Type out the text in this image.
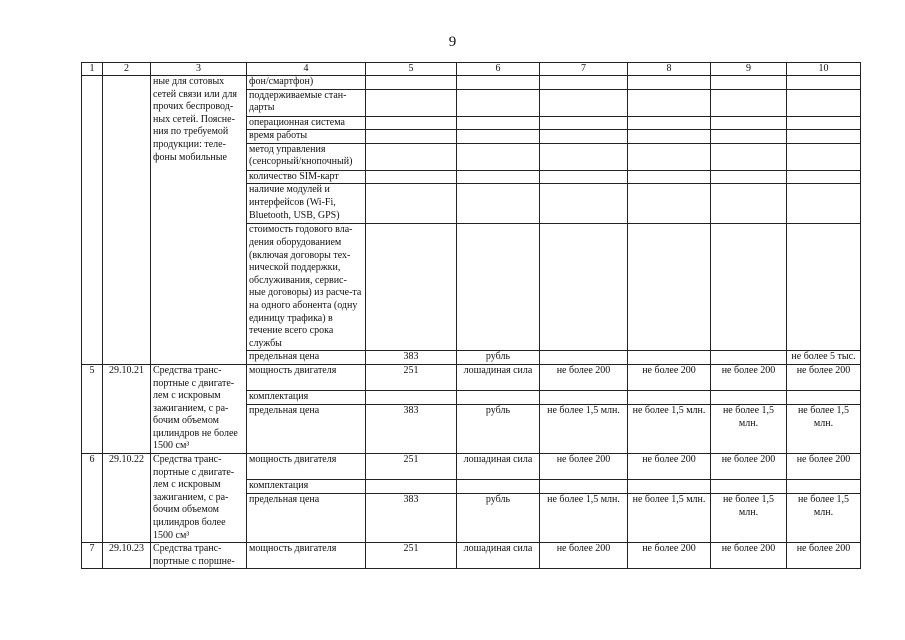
9
1	2	3	4	5	6	7	8	9	10
		ные для сотовых сетей связи или для прочих беспровод-ных сетей. Поясне-ния по требуемой продукции: теле-фоны мобильные	фон/смартфон)						
			поддерживаемые стан-дарты						
			операционная система						
			время работы						
			метод управления (сенсорный/кнопочный)						
			количество SIM-карт						
			наличие модулей и интерфейсов (Wi-Fi, Bluetooth, USB, GPS)						
			стоимость годового вла-дения оборудованием (включая договоры тех-нической поддержки, обслуживания, сервис-ные договоры) из расче-та на одного абонента (одну единицу трафика) в течение всего срока службы						
			предельная цена	383	рубль				не более 5 тыс.
5	29.10.21	Средства транс-портные с двигате-лем с искровым зажиганием, с ра-бочим объемом цилиндров не более 1500 см³	мощность двигателя	251	лошадиная сила	не более 200	не более 200	не более 200	не более 200
			комплектация						
			предельная цена	383	рубль	не более 1,5 млн.	не более 1,5 млн.	не более 1,5 млн.	не более 1,5 млн.
6	29.10.22	Средства транс-портные с двигате-лем с искровым зажиганием, с ра-бочим объемом цилиндров более 1500 см³	мощность двигателя	251	лошадиная сила	не более 200	не более 200	не более 200	не более 200
			комплектация						
			предельная цена	383	рубль	не более 1,5 млн.	не более 1,5 млн.	не более 1,5 млн.	не более 1,5 млн.
7	29.10.23	Средства транс-портные с поршне-	мощность двигателя	251	лошадиная сила	не более 200	не более 200	не более 200	не более 200
